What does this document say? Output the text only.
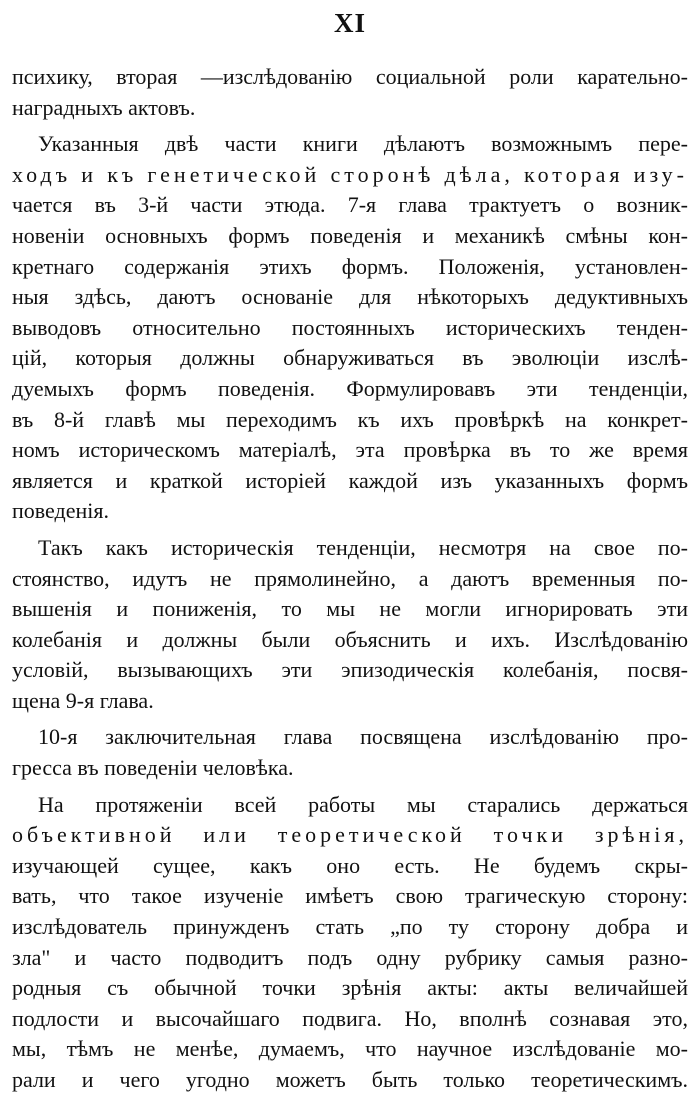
XI
психику, вторая —изслѣдованію социальной роли карательно-
наградныхъ актовъ.
Указанныя двѣ части книги дѣлаютъ возможнымъ пере-
ходъ и къ генетической сторонѣ дѣла, которая изу-
чается въ 3-й части этюда. 7-я глава трактуетъ о возник-
новеніи основныхъ формъ поведенія и механикѣ смѣны кон-
кретнаго содержанія этихъ формъ. Положенія, установлен-
ныя здѣсь, даютъ основаніе для нѣкоторыхъ дедуктивныхъ
выводовъ относительно постоянныхъ историческихъ тенден-
цій, которыя должны обнаруживаться въ эволюціи изслѣ-
дуемыхъ формъ поведенія. Формулировавъ эти тенденціи,
въ 8-й главѣ мы переходимъ къ ихъ провѣркѣ на конкрет-
номъ историческомъ матеріалѣ, эта провѣрка въ то же время
является и краткой исторіей каждой изъ указанныхъ формъ
поведенія.
Такъ какъ историческія тенденціи, несмотря на свое по-
стоянство, идутъ не прямолинейно, а даютъ временныя по-
вышенія и пониженія, то мы не могли игнорировать эти
колебанія и должны были объяснить и ихъ. Изслѣдованію
условій, вызывающихъ эти эпизодическія колебанія, посвя-
щена 9-я глава.
10-я заключительная глава посвящена изслѣдованію про-
гресса въ поведеніи человѣка.
На протяженіи всей работы мы старались держаться
объективной или теоретической точки зрѣнія,
изучающей сущее, какъ оно есть. Не будемъ скры-
вать, что такое изученіе имѣетъ свою трагическую сторону:
изслѣдователь принужденъ стать „по ту сторону добра и
зла" и часто подводитъ подъ одну рубрику самыя разно-
родныя съ обычной точки зрѣнія акты: акты величайшей
подлости и высочайшаго подвига. Но, вполнѣ сознавая это,
мы, тѣмъ не менѣе, думаемъ, что научное изслѣдованіе мо-
рали и чего угодно можетъ быть только теоретическимъ.
